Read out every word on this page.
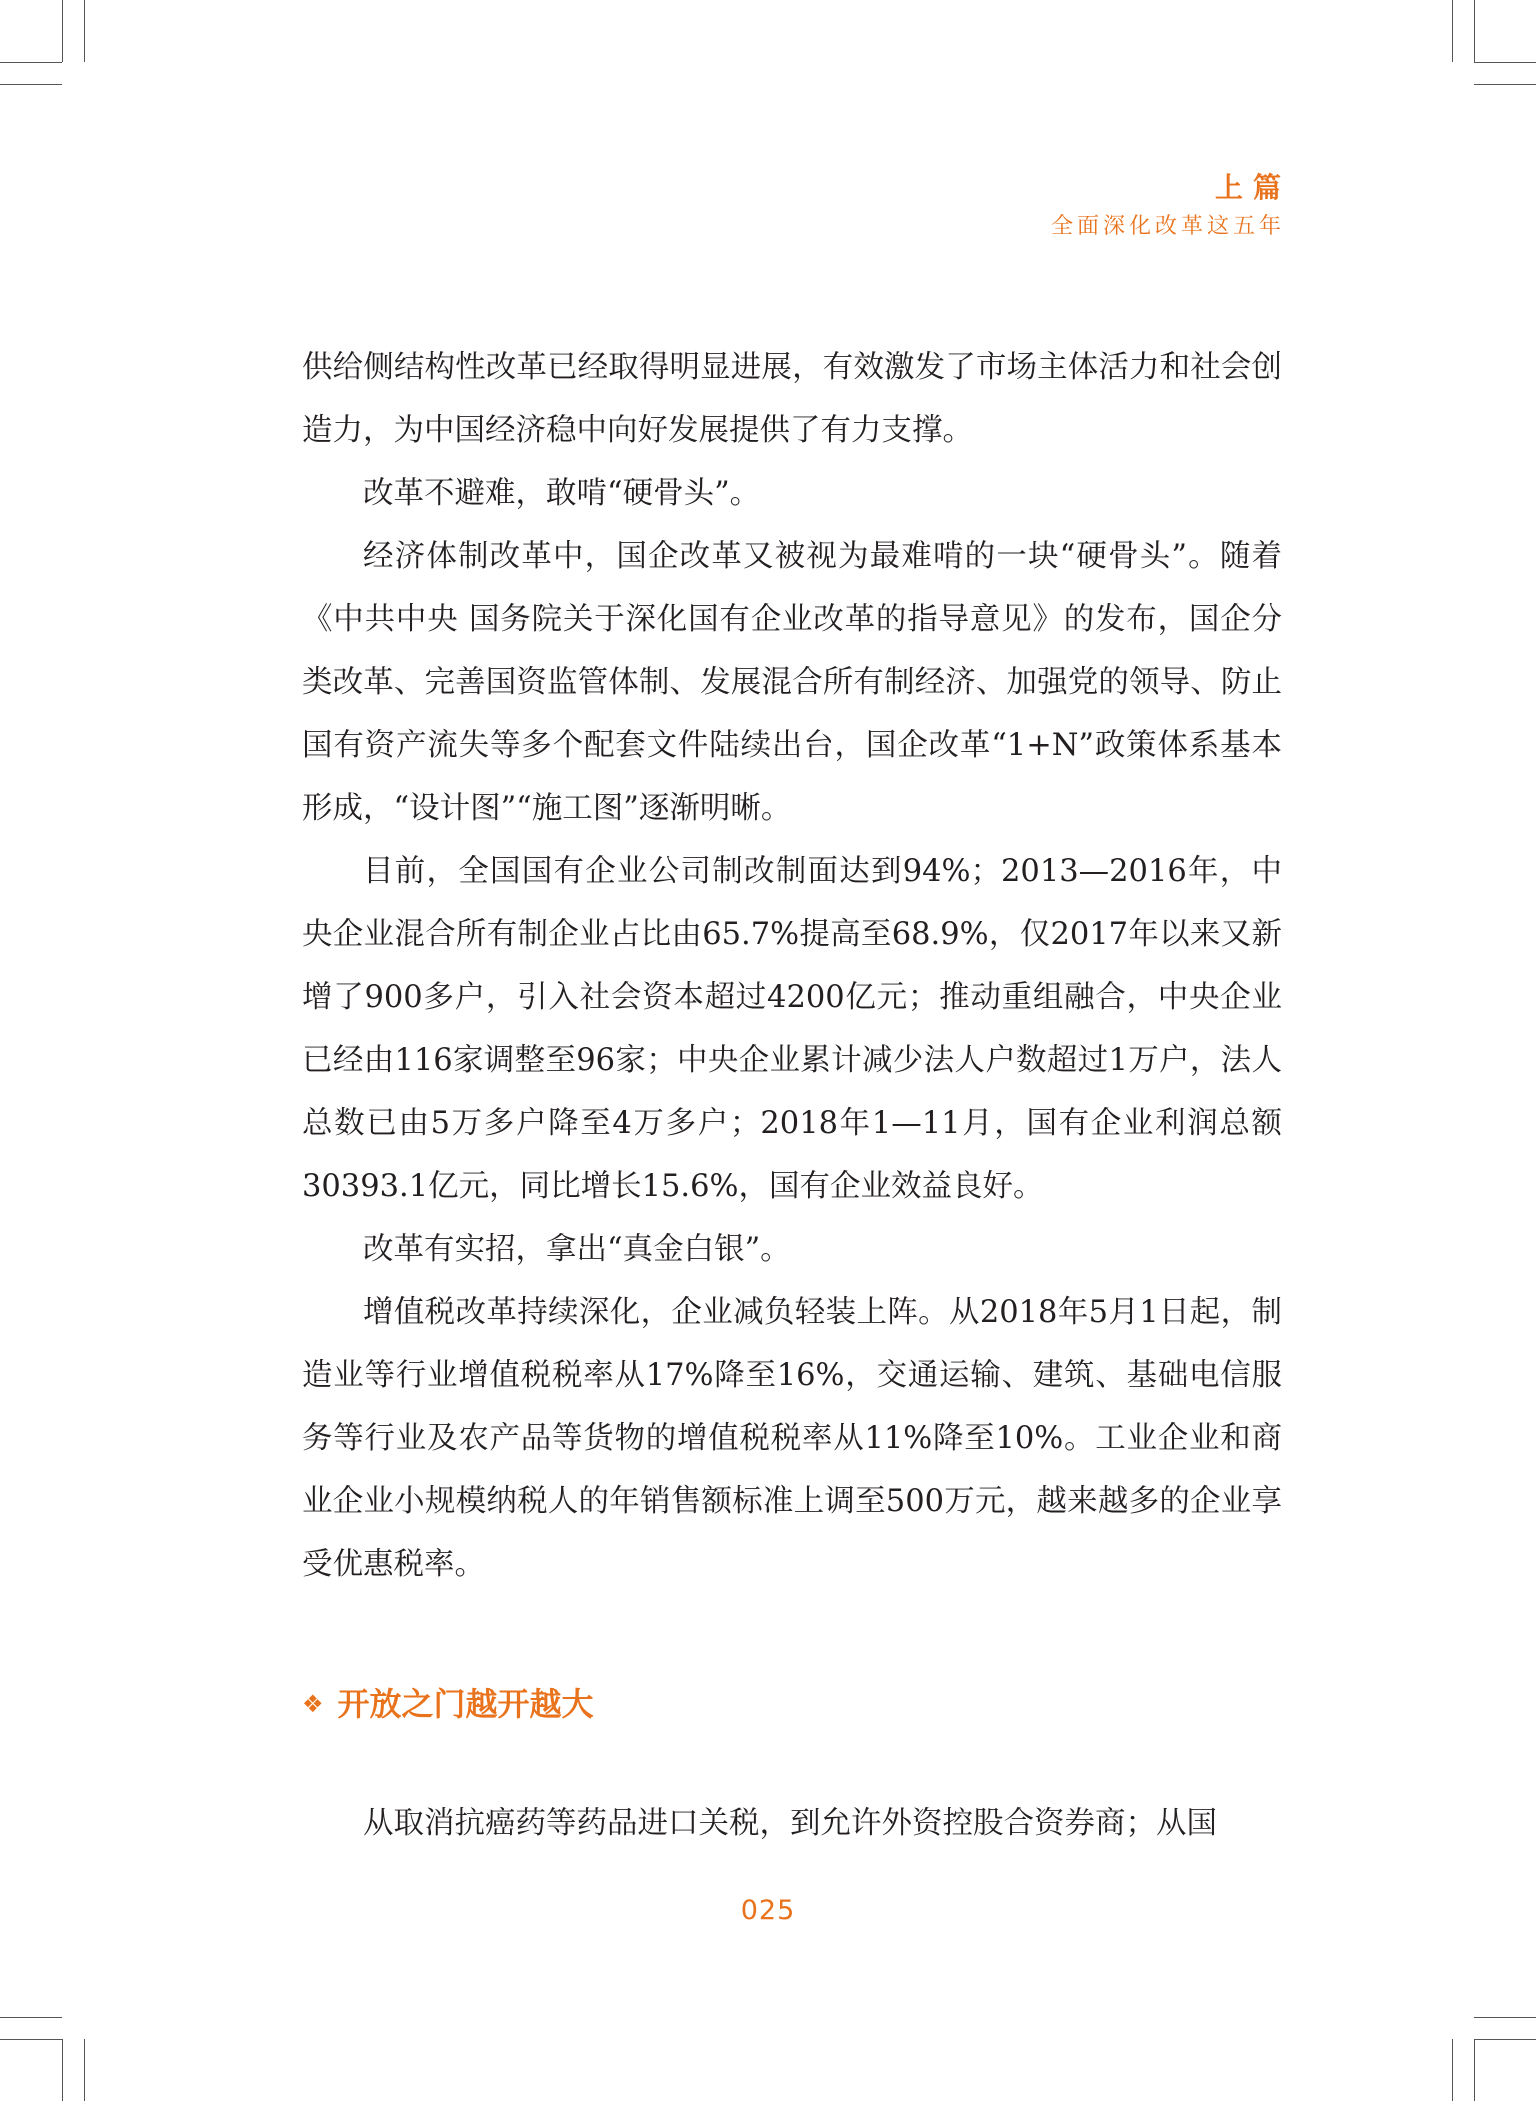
上篇
全面深化改革这五年

供给侧结构性改革已经取得明显进展，有效激发了市场主体活力和社会创造力，为中国经济稳中向好发展提供了有力支撑。

改革不避难，敢啃“硬骨头”。

经济体制改革中，国企改革又被视为最难啃的一块“硬骨头”。随着《中共中央 国务院关于深化国有企业改革的指导意见》的发布，国企分类改革、完善国资监管体制、发展混合所有制经济、加强党的领导、防止国有资产流失等多个配套文件陆续出台，国企改革“1+N”政策体系基本形成，“设计图”“施工图”逐渐明晰。

目前，全国国有企业公司制改制面达到94%；2013—2016年，中央企业混合所有制企业占比由65.7%提高至68.9%，仅2017年以来又新增了900多户，引入社会资本超过4200亿元；推动重组融合，中央企业已经由116家调整至96家；中央企业累计减少法人户数超过1万户，法人总数已由5万多户降至4万多户；2018年1—11月，国有企业利润总额30393.1亿元，同比增长15.6%，国有企业效益良好。

改革有实招，拿出“真金白银”。

增值税改革持续深化，企业减负轻装上阵。从2018年5月1日起，制造业等行业增值税税率从17%降至16%，交通运输、建筑、基础电信服务等行业及农产品等货物的增值税税率从11%降至10%。工业企业和商业企业小规模纳税人的年销售额标准上调至500万元，越来越多的企业享受优惠税率。

❖ 开放之门越开越大

从取消抗癌药等药品进口关税，到允许外资控股合资券商；从国

025
